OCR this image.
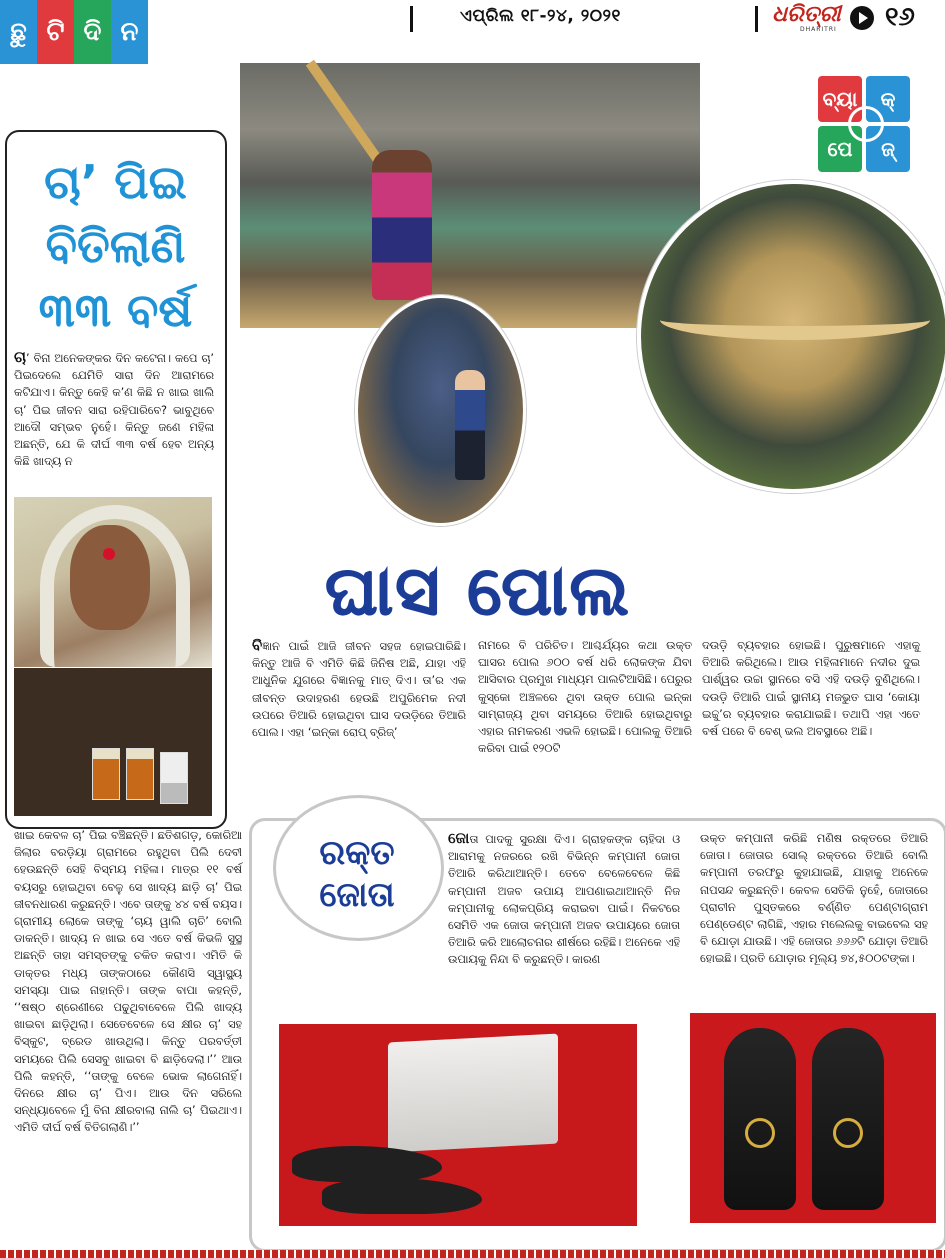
ଛୁ ଟି ଦି ନ
ଏପ୍ରିଲ ୧୮-୨୪, ୨୦୨୧	ଧରିତ୍ରୀ
DHARITRI ୧୬
ଚା’ ପିଇ
ବିତିଲାଣି
୩୩ ବର୍ଷ
ଚା’ ବିନା ଅନେକଙ୍କର ଦିନ କଟେନା। କପେ ଚା’ ପିଇଦେଲେ ଯେମିତି ସାରା ଦିନ ଆରାମରେ କଟିଯାଏ। କିନ୍ତୁ କେହି କ’ଣ କିଛି ନ ଖାଇ ଖାଲି ଚା’ ପିଇ ଜୀବନ ସାରା ରହିପାରିବେ? ଭାବୁଥିବେ ଆଦୌ ସମ୍ଭବ ନୁହେଁ। କିନ୍ତୁ ଜଣେ ମହିଳା ଅଛନ୍ତି, ଯେ କି ଦୀର୍ଘ ୩୩ ବର୍ଷ ହେବ ଅନ୍ୟ କିଛି ଖାଦ୍ୟ ନ
ଖାଇ କେବଳ ଚା’ ପିଇ ବଞ୍ଚିଛନ୍ତି। ଛତିଶଗଡ଼, କୋରିଆ ଜିଲାର ବରଡ଼ିୟା ଗ୍ରାମରେ ରହୁଥିବା ପିଲି ଦେବୀ ହେଉଛନ୍ତି ସେହି ବିସ୍ମୟ ମହିଳା। ମାତ୍ର ୧୧ ବର୍ଷ ବୟସରୁ ହୋଇଥିବା ବେଳୁ ସେ ଖାଦ୍ୟ ଛାଡ଼ି ଚା’ ପିଇ ଜୀବନଧାରଣ କରୁଛନ୍ତି। ଏବେ ତାଙ୍କୁ ୪୪ ବର୍ଷ ବୟସ। ଗ୍ରାମୀୟ ଲୋକେ ତାଙ୍କୁ ‘ଚାୟ ୱାଲି ଚାଚି’ ବୋଲି ଡାକନ୍ତି। ଖାଦ୍ୟ ନ ଖାଇ ସେ ଏତେ ବର୍ଷ କିଭଳି ସୁସ୍ଥ ଅଛନ୍ତି ତାହା ସମସ୍ତଙ୍କୁ ଚକିତ କରାଏ। ଏମିତି କି ଡାକ୍ତର ମଧ୍ୟ ତାଙ୍କଠାରେ କୌଣସି ସ୍ୱାସ୍ଥ୍ୟ ସମସ୍ୟା ପାଇ ନାହାନ୍ତି। ତାଙ୍କ ବାପା କହନ୍ତି, ‘‘ଷଷ୍ଠ ଶ୍ରେଣୀରେ ପଢୁଥିବାବେଳେ ପିଲି ଖାଦ୍ୟ ଖାଇବା ଛାଡ଼ିଥିଲା। ସେତେବେଳେ ସେ କ୍ଷୀର ଚା’ ସହ ବିସ୍କୁଟ, ବ୍ରେଡ ଖାଉଥିଲା। କିନ୍ତୁ ପରବର୍ତ୍ତୀ ସମୟରେ ପିଲି ସେସବୁ ଖାଇବା ବି ଛାଡ଼ିଦେଲା।’’ ଆଉ ପିଲି କହନ୍ତି, ‘‘ତାଙ୍କୁ ବେଳେ ଭୋକ ଲାଗେନାହିଁ। ଦିନରେ କ୍ଷୀର ଚା’ ପିଏ। ଆଉ ଦିନ ସରିଲେ ସନ୍ଧ୍ୟାବେଳେ ମୁଁ ବିନା କ୍ଷୀରବାଲା ନାଲି ଚା’ ପିଇଥାଏ। ଏମିତି ଦୀର୍ଘ ବର୍ଷ ବିତିଗଲାଣି।’’
ବ୍ୟା	କ୍
ପେ	ଜ୍
ଘାସ ପୋଲ
ବିଜ୍ଞାନ ପାଇଁ ଆଜି ଜୀବନ ସହଜ ହୋଇପାରିଛି। କିନ୍ତୁ ଆଜି ବି ଏମିତି କିଛି ଜିନିଷ ଅଛି, ଯାହା ଏହି ଆଧୁନିକ ଯୁଗରେ ବିଜ୍ଞାନକୁ ମାତ୍ ଦିଏ। ତା’ର ଏକ ଜୀବନ୍ତ ଉଦାହରଣ ହେଉଛି ଅପୁରିମେକ ନଦୀ ଉପରେ ତିଆରି ହୋଇଥିବା ଘାସ ଦଉଡ଼ିରେ ତିଆରି ପୋଲ। ଏହା ‘ଇନ୍‌କା ରୋପ୍ ବ୍ରିଜ୍’
ନାମରେ ବି ପରିଚିତ। ଆଶ୍ଚର୍ଯ୍ୟର କଥା ଉକ୍ତ ଘାସର ପୋଲ ୬୦୦ ବର୍ଷ ଧରି ଲୋକଙ୍କ ଯିବା ଆସିବାର ପ୍ରମୁଖ ମାଧ୍ୟମ ପାଲଟିଆସିଛି। ପେରୁର କୁସ୍କୋ ଅଞ୍ଚଳରେ ଥିବା ଉକ୍ତ ପୋଲ ଇନ୍‌କା ସାମ୍ରାଜ୍ୟ ଥିବା ସମୟରେ ତିଆରି ହୋଇଥିବାରୁ ଏହାର ନାମକରଣ ଏଭଳି ହୋଇଛି। ପୋଲକୁ ତିଆରି କରିବା ପାଇଁ ୧୨୦ଟି
ଦଉଡ଼ି ବ୍ୟବହାର ହୋଇଛି। ପୁରୁଷମାନେ ଏହାକୁ ତିଆରି କରିଥିଲେ। ଆଉ ମହିଳାମାନେ ନଦୀର ଦୁଇ ପାର୍ଶ୍ୱର ଉଚ୍ଚା ସ୍ଥାନରେ ବସି ଏହି ଦଉଡ଼ି ବୁଣିଥିଲେ। ଦଉଡ଼ି ତିଆରି ପାଇଁ ସ୍ଥାନୀୟ ମଜଭୁତ ଘାସ ‘କୋୟା ଇଚ୍ଚୁ’ର ବ୍ୟବହାର କରାଯାଇଛି। ତଥାପି ଏହା ଏତେ ବର୍ଷ ପରେ ବି ବେଶ୍ ଭଲ ଅବସ୍ଥାରେ ଅଛି।
ରକ୍ତ
ଜୋତା
ଜୋତା ପାଦକୁ ସୁରକ୍ଷା ଦିଏ। ଗ୍ରାହକଙ୍କ ଚାହିଦା ଓ ଆରାମକୁ ନଜରରେ ରଖି ବିଭିନ୍ନ କମ୍ପାନୀ ଜୋତା ତିଆରି କରିଥାଆନ୍ତି। ତେବେ ବେଳେବେଳେ କିଛି କମ୍ପାନୀ ଅଜବ ଉପାୟ ଆପଣାଇଥାଆନ୍ତି ନିଜ କମ୍ପାନୀକୁ ଲୋକପ୍ରିୟ କରାଇବା ପାଇଁ। ନିକଟରେ ସେମିତି ଏକ ଜୋତା କମ୍ପାନୀ ଅଜବ ଉପାୟରେ ଜୋତା ତିଆରି କରି ଆଲୋଚନାର ଶୀର୍ଷରେ ରହିଛି। ଅନେକେ ଏହି ଉପାୟକୁ ନିନ୍ଦା ବି କରୁଛନ୍ତି। କାରଣ
ଉକ୍ତ କମ୍ପାନୀ କରିଛି ମଣିଷ ରକ୍ତରେ ତିଆରି ଜୋତା। ଜୋତାର ସୋଲ୍ ରକ୍ତରେ ତିଆରି ବୋଲି କମ୍ପାନୀ ତରଫରୁ କୁହାଯାଇଛି, ଯାହାକୁ ଅନେକେ ନାପସନ୍ଦ କରୁଛନ୍ତି। କେବଳ ସେତିକି ନୁହେଁ, ଜୋତାରେ ପ୍ରାଚୀନ ପୁସ୍ତକରେ ବର୍ଣ୍ଣିତ ପେଣ୍ଟାଗ୍ରାମ ପେଣ୍ଡେଣ୍ଟ ଲାଗିଛି, ଏହାର ମଲେଲକୁ ବାଇବେଲ ସହ ବି ଯୋଡ଼ା ଯାଉଛି। ଏହି ଜୋତାର ୬୬୬ଟି ଯୋଡ଼ା ତିଆରି ହୋଇଛି। ପ୍ରତି ଯୋଡ଼ାର ମୂଲ୍ୟ ୭୪,୫୦୦ଟଙ୍କା।
